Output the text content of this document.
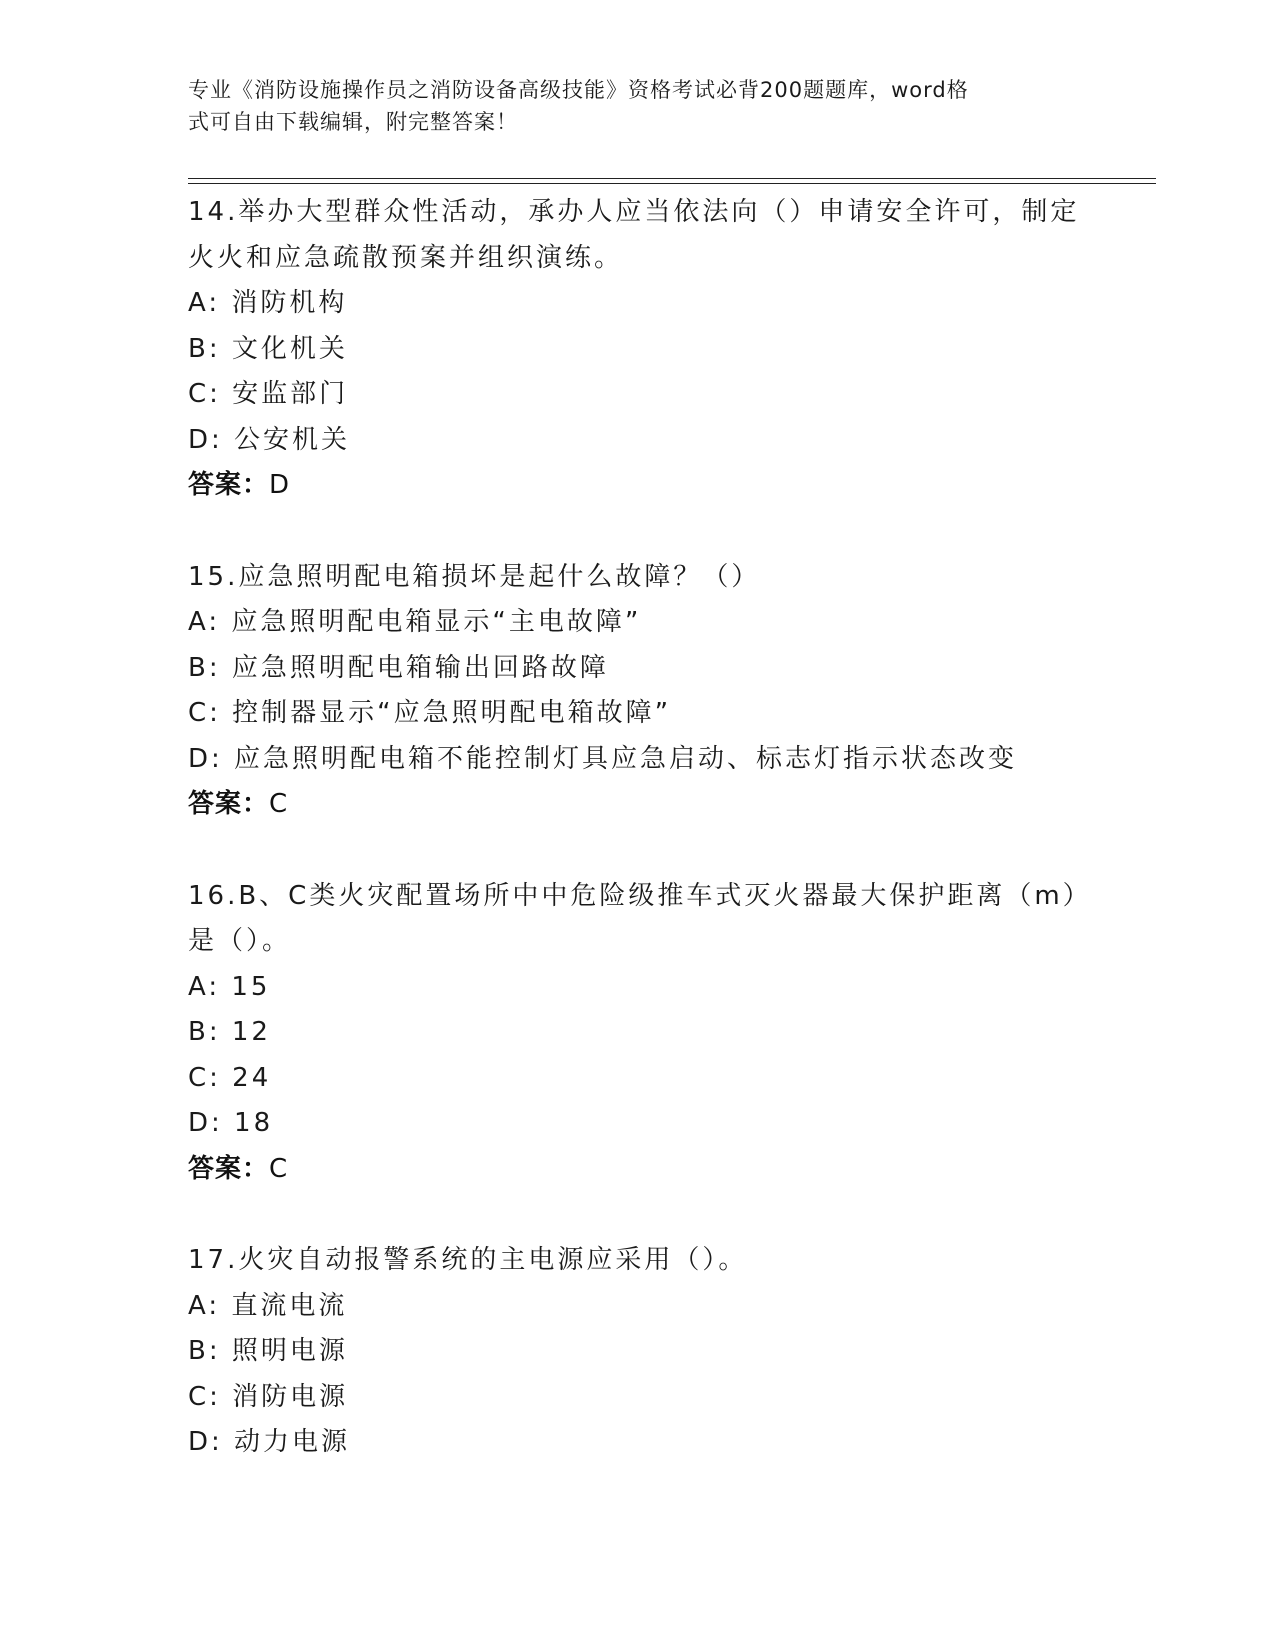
专业《消防设施操作员之消防设备高级技能》资格考试必背200题题库，word格
式可自由下载编辑，附完整答案！
14.举办大型群众性活动，承办人应当依法向（）申请安全许可，制定
火火和应急疏散预案并组织演练。
A: 消防机构
B: 文化机关
C: 安监部门
D: 公安机关
答案：D
15.应急照明配电箱损坏是起什么故障？（）
A: 应急照明配电箱显示“主电故障”
B: 应急照明配电箱输出回路故障
C: 控制器显示“应急照明配电箱故障”
D: 应急照明配电箱不能控制灯具应急启动、标志灯指示状态改变
答案：C
16.B、C类火灾配置场所中中危险级推车式灭火器最大保护距离（m）
是（）。
A: 15
B: 12
C: 24
D: 18
答案：C
17.火灾自动报警系统的主电源应采用（）。
A: 直流电流
B: 照明电源
C: 消防电源
D: 动力电源
